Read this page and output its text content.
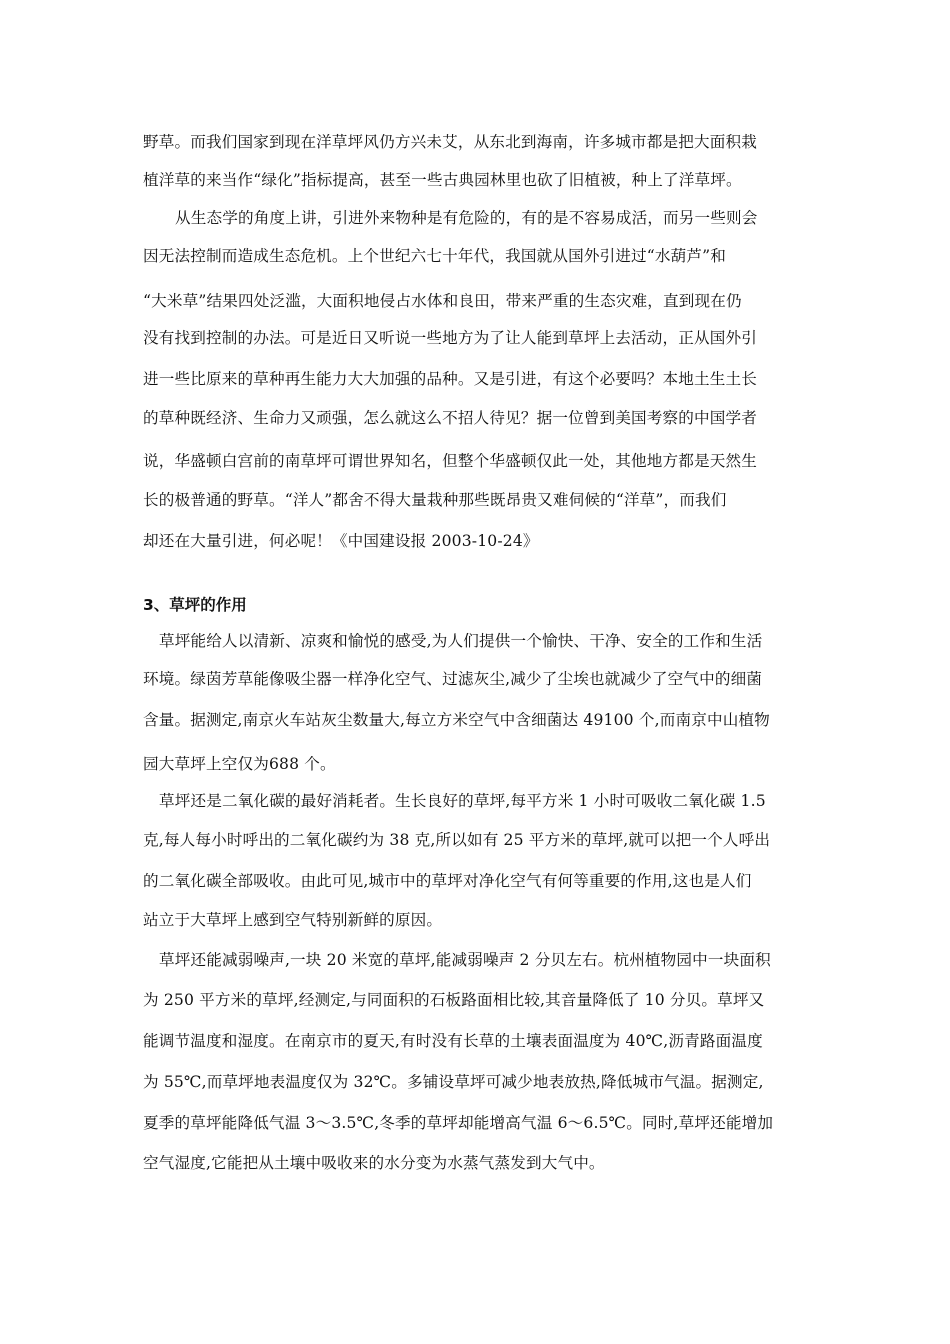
野草。而我们国家到现在洋草坪风仍方兴未艾，从东北到海南，许多城市都是把大面积栽
植洋草的来当作“绿化”指标提高，甚至一些古典园林里也砍了旧植被，种上了洋草坪。
从生态学的角度上讲，引进外来物种是有危险的，有的是不容易成活，而另一些则会
因无法控制而造成生态危机。上个世纪六七十年代，我国就从国外引进过“水葫芦”和
“大米草”结果四处泛滥，大面积地侵占水体和良田，带来严重的生态灾难，直到现在仍
没有找到控制的办法。可是近日又听说一些地方为了让人能到草坪上去活动，正从国外引
进一些比原来的草种再生能力大大加强的品种。又是引进，有这个必要吗？本地土生土长
的草种既经济、生命力又顽强，怎么就这么不招人待见？据一位曾到美国考察的中国学者
说，华盛顿白宫前的南草坪可谓世界知名，但整个华盛顿仅此一处，其他地方都是天然生
长的极普通的野草。“洋人”都舍不得大量栽种那些既昂贵又难伺候的“洋草”，而我们
却还在大量引进，何必呢！《中国建设报 2003-10-24》
3、草坪的作用
草坪能给人以清新、凉爽和愉悦的感受,为人们提供一个愉快、干净、安全的工作和生活
环境。绿茵芳草能像吸尘器一样净化空气、过滤灰尘,减少了尘埃也就减少了空气中的细菌
含量。据测定,南京火车站灰尘数量大,每立方米空气中含细菌达 49100 个,而南京中山植物
园大草坪上空仅为688 个。
草坪还是二氧化碳的最好消耗者。生长良好的草坪,每平方米 1 小时可吸收二氧化碳 1.5
克,每人每小时呼出的二氧化碳约为 38 克,所以如有 25 平方米的草坪,就可以把一个人呼出
的二氧化碳全部吸收。由此可见,城市中的草坪对净化空气有何等重要的作用,这也是人们
站立于大草坪上感到空气特别新鲜的原因。
草坪还能减弱噪声,一块 20 米宽的草坪,能减弱噪声 2 分贝左右。杭州植物园中一块面积
为 250 平方米的草坪,经测定,与同面积的石板路面相比较,其音量降低了 10 分贝。草坪又
能调节温度和湿度。在南京市的夏天,有时没有长草的土壤表面温度为 40℃,沥青路面温度
为 55℃,而草坪地表温度仅为 32℃。多铺设草坪可减少地表放热,降低城市气温。据测定,
夏季的草坪能降低气温 3～3.5℃,冬季的草坪却能增高气温 6～6.5℃。同时,草坪还能增加
空气湿度,它能把从土壤中吸收来的水分变为水蒸气蒸发到大气中。
